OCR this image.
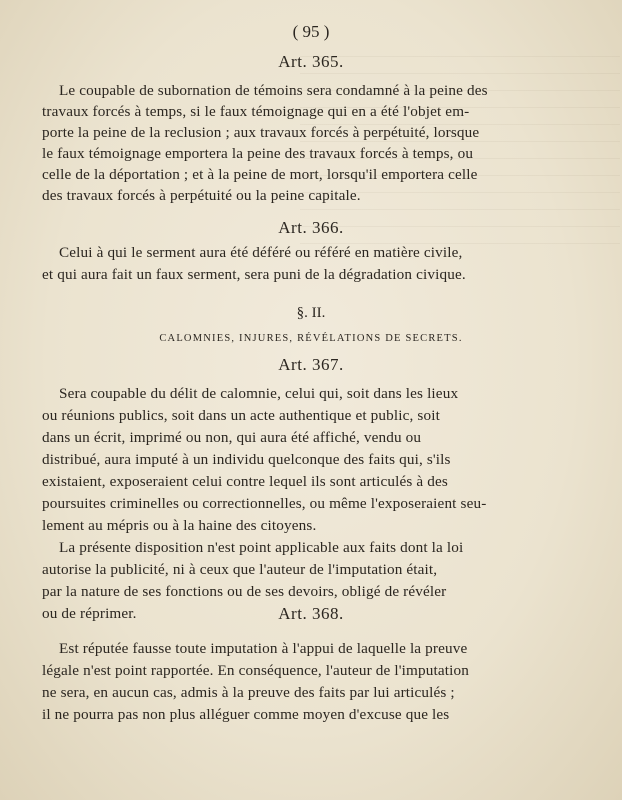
( 95 )
Art. 365.
Le coupable de subornation de témoins sera condamné à la peine des
travaux forcés à temps, si le faux témoignage qui en a été l'objet em-
porte la peine de la reclusion ; aux travaux forcés à perpétuité, lorsque
le faux témoignage emportera la peine des travaux forcés à temps, ou
celle de la déportation ; et à la peine de mort, lorsqu'il emportera celle
des travaux forcés à perpétuité ou la peine capitale.
Art. 366.
Celui à qui le serment aura été déféré ou référé en matière civile,
et qui aura fait un faux serment, sera puni de la dégradation civique.
§. II.
CALOMNIES, INJURES, RÉVÉLATIONS DE SECRETS.
Art. 367.
Sera coupable du délit de calomnie, celui qui, soit dans les lieux
ou réunions publics, soit dans un acte authentique et public, soit
dans un écrit, imprimé ou non, qui aura été affiché, vendu ou
distribué, aura imputé à un individu quelconque des faits qui, s'ils
existaient, exposeraient celui contre lequel ils sont articulés à des
poursuites criminelles ou correctionnelles, ou même l'exposeraient seu-
lement au mépris ou à la haine des citoyens.
La présente disposition n'est point applicable aux faits dont la loi
autorise la publicité, ni à ceux que l'auteur de l'imputation était,
par la nature de ses fonctions ou de ses devoirs, obligé de révéler
ou de réprimer.	Art. 368.
Est réputée fausse toute imputation à l'appui de laquelle la preuve
légale n'est point rapportée. En conséquence, l'auteur de l'imputation
ne sera, en aucun cas, admis à la preuve des faits par lui articulés ;
il ne pourra pas non plus alléguer comme moyen d'excuse que les
